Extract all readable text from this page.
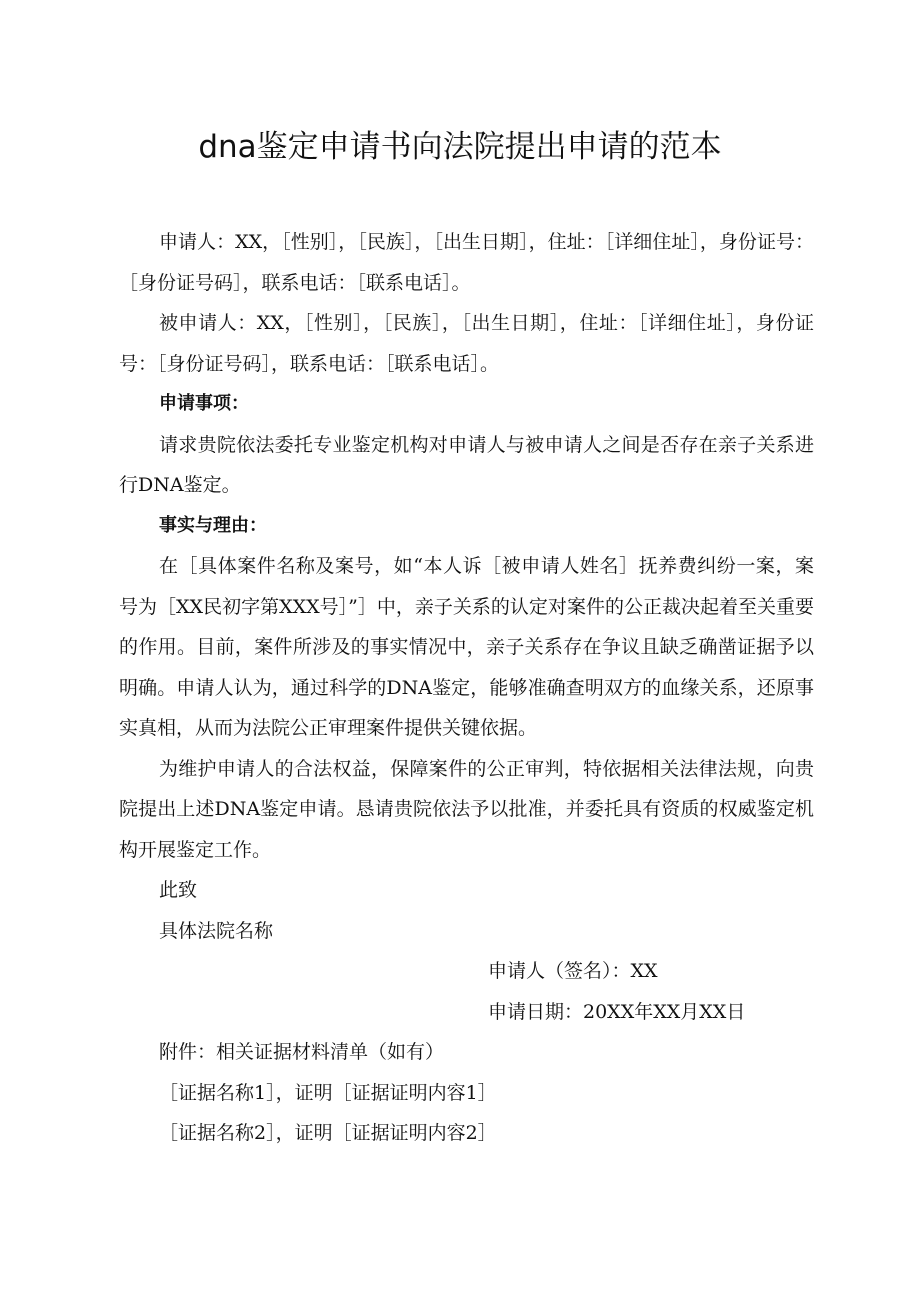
dna鉴定申请书向法院提出申请的范本

申请人：XX，［性别］，［民族］，［出生日期］，住址：［详细住址］，身份证号：［身份证号码］，联系电话：［联系电话］。

被申请人：XX，［性别］，［民族］，［出生日期］，住址：［详细住址］，身份证号：［身份证号码］，联系电话：［联系电话］。

申请事项：

请求贵院依法委托专业鉴定机构对申请人与被申请人之间是否存在亲子关系进行DNA鉴定。

事实与理由：

在［具体案件名称及案号，如“本人诉［被申请人姓名］抚养费纠纷一案，案号为［XX民初字第XXX号］”］中，亲子关系的认定对案件的公正裁决起着至关重要的作用。目前，案件所涉及的事实情况中，亲子关系存在争议且缺乏确凿证据予以明确。申请人认为，通过科学的DNA鉴定，能够准确查明双方的血缘关系，还原事实真相，从而为法院公正审理案件提供关键依据。

为维护申请人的合法权益，保障案件的公正审判，特依据相关法律法规，向贵院提出上述DNA鉴定申请。恳请贵院依法予以批准，并委托具有资质的权威鉴定机构开展鉴定工作。

此致

具体法院名称

申请人（签名）：XX

申请日期：20XX年XX月XX日

附件：相关证据材料清单（如有）

［证据名称1］，证明［证据证明内容1］

［证据名称2］，证明［证据证明内容2］
